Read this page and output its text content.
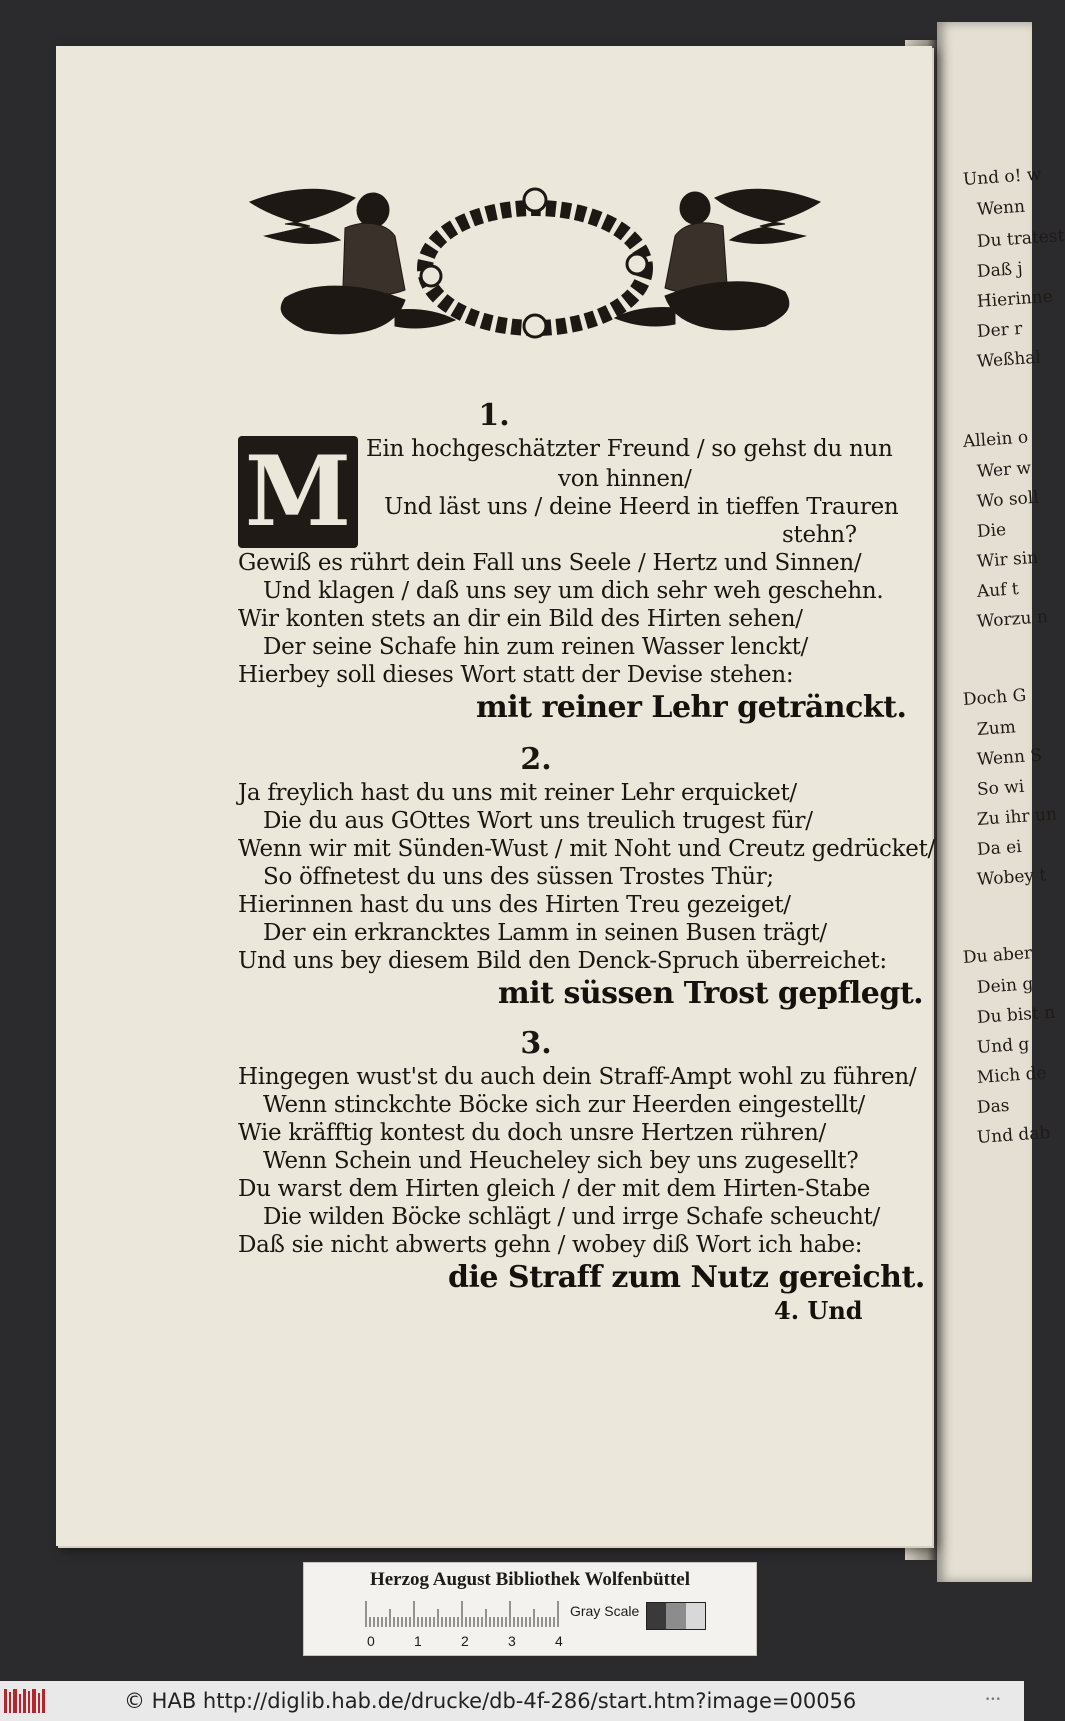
Und o! w
Wenn
Du tratest
Daß j
Hierinne
Der r
Weßhal
Allein o
Wer w
Wo soll
Die
Wir sin
Auf t
Worzu n
Doch G
Zum
Wenn S
So wi
Zu ihr un
Da ei
Wobey t
Du aber
Dein g
Du bist n
Und g
Mich de
Das
Und dab
1.
M Ein hochgeschätzter Freund / so gehst du nun
von hinnen/
Und läst uns / deine Heerd in tieffen Trauren
stehn?
Gewiß es rührt dein Fall uns Seele / Hertz und Sinnen/
Und klagen / daß uns sey um dich sehr weh geschehn.
Wir konten stets an dir ein Bild des Hirten sehen/
Der seine Schafe hin zum reinen Wasser lenckt/
Hierbey soll dieses Wort statt der Devise stehen:
mit reiner Lehr getränckt.
2.
Ja freylich hast du uns mit reiner Lehr erquicket/
Die du aus GOttes Wort uns treulich trugest für/
Wenn wir mit Sünden-Wust / mit Noht und Creutz gedrücket/
So öffnetest du uns des süssen Trostes Thür;
Hierinnen hast du uns des Hirten Treu gezeiget/
Der ein erkrancktes Lamm in seinen Busen trägt/
Und uns bey diesem Bild den Denck-Spruch überreichet:
mit süssen Trost gepflegt.
3.
Hingegen wust'st du auch dein Straff-Ampt wohl zu führen/
Wenn stinckchte Böcke sich zur Heerden eingestellt/
Wie kräfftig kontest du doch unsre Hertzen rühren/
Wenn Schein und Heucheley sich bey uns zugesellt?
Du warst dem Hirten gleich / der mit dem Hirten-Stabe
Die wilden Böcke schlägt / und irrge Schafe scheucht/
Daß sie nicht abwerts gehn / wobey diß Wort ich habe:
die Straff zum Nutz gereicht.
4. Und
Herzog August Bibliothek Wolfenbüttel
0	1	2	3	4
Gray Scale
© HAB http://diglib.hab.de/drucke/db-4f-286/start.htm?image=00056	•••
